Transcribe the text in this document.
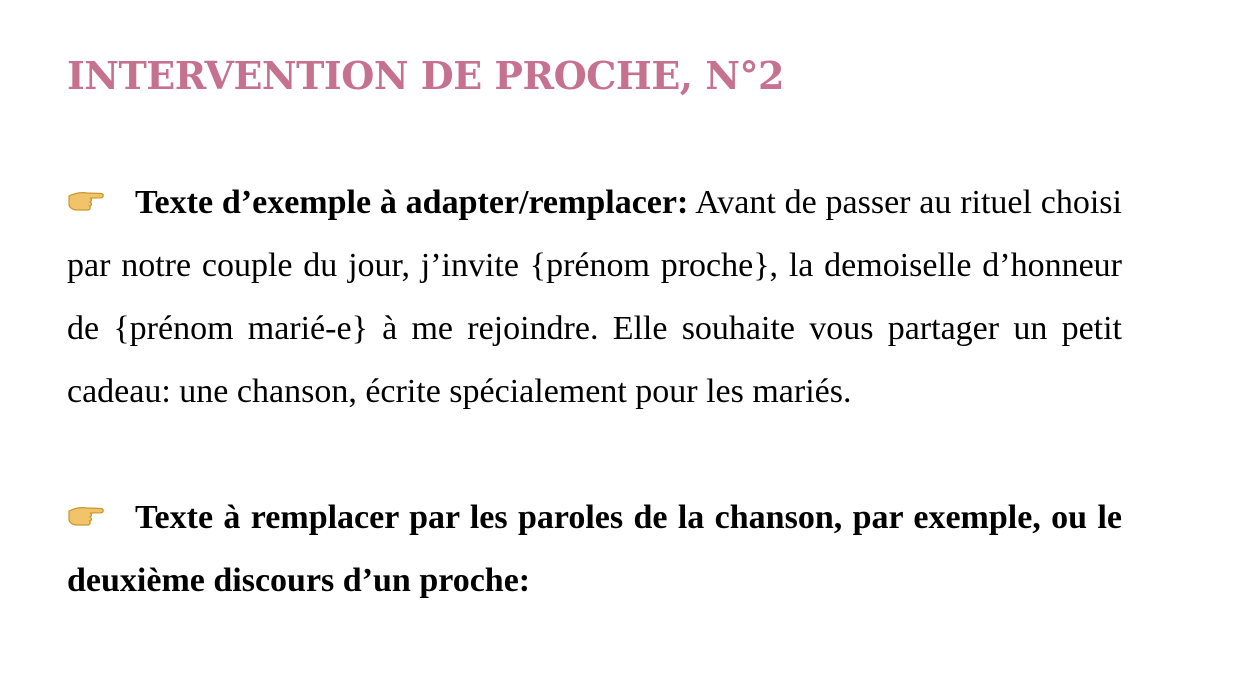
INTERVENTION DE PROCHE, N°2

Texte d’exemple à adapter/remplacer: Avant de passer au rituel choisi par notre couple du jour, j’invite {prénom proche}, la demoiselle d’honneur de {prénom marié-e} à me rejoindre. Elle souhaite vous partager un petit cadeau: une chanson, écrite spécialement pour les mariés.

Texte à remplacer par les paroles de la chanson, par exemple, ou le deuxième discours d’un proche:
